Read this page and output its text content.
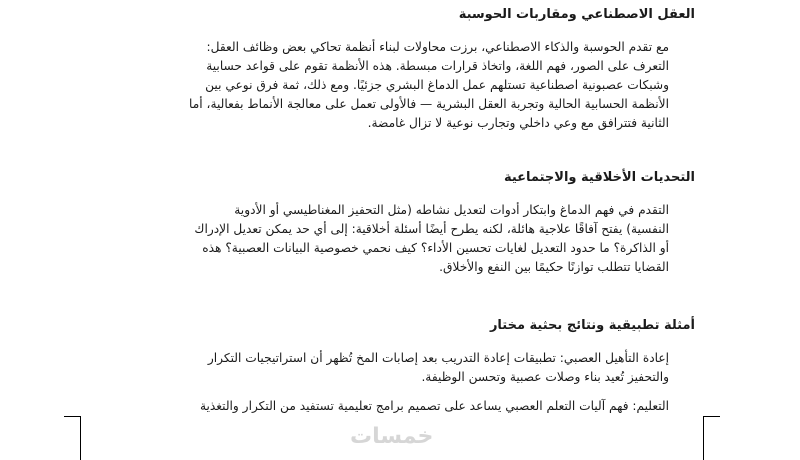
العقل الاصطناعي ومقاربات الحوسبة
مع تقدم الحوسبة والذكاء الاصطناعي، برزت محاولات لبناء أنظمة تحاكي بعض وظائف العقل:
التعرف على الصور، فهم اللغة، واتخاذ قرارات مبسطة. هذه الأنظمة تقوم على قواعد حسابية
وشبكات عصبونية اصطناعية تستلهم عمل الدماغ البشري جزئيًا. ومع ذلك، ثمة فرق نوعي بين
الأنظمة الحسابية الحالية وتجربة العقل البشرية — فالأولى تعمل على معالجة الأنماط بفعالية، أما
الثانية فتترافق مع وعي داخلي وتجارب نوعية لا تزال غامضة.
التحديات الأخلاقية والاجتماعية
التقدم في فهم الدماغ وابتكار أدوات لتعديل نشاطه (مثل التحفيز المغناطيسي أو الأدوية
النفسية) يفتح آفاقًا علاجية هائلة، لكنه يطرح أيضًا أسئلة أخلاقية: إلى أي حد يمكن تعديل الإدراك
أو الذاكرة؟ ما حدود التعديل لغايات تحسين الأداء؟ كيف نحمي خصوصية البيانات العصبية؟ هذه
القضايا تتطلب توازنًا حكيمًا بين النفع والأخلاق.
أمثلة تطبيقية ونتائج بحثية مختار
إعادة التأهيل العصبي: تطبيقات إعادة التدريب بعد إصابات المخ تُظهر أن استراتيجيات التكرار
والتحفيز تُعيد بناء وصلات عصبية وتحسن الوظيفة.
التعليم: فهم آليات التعلم العصبي يساعد على تصميم برامج تعليمية تستفيد من التكرار والتغذية
خمسات
